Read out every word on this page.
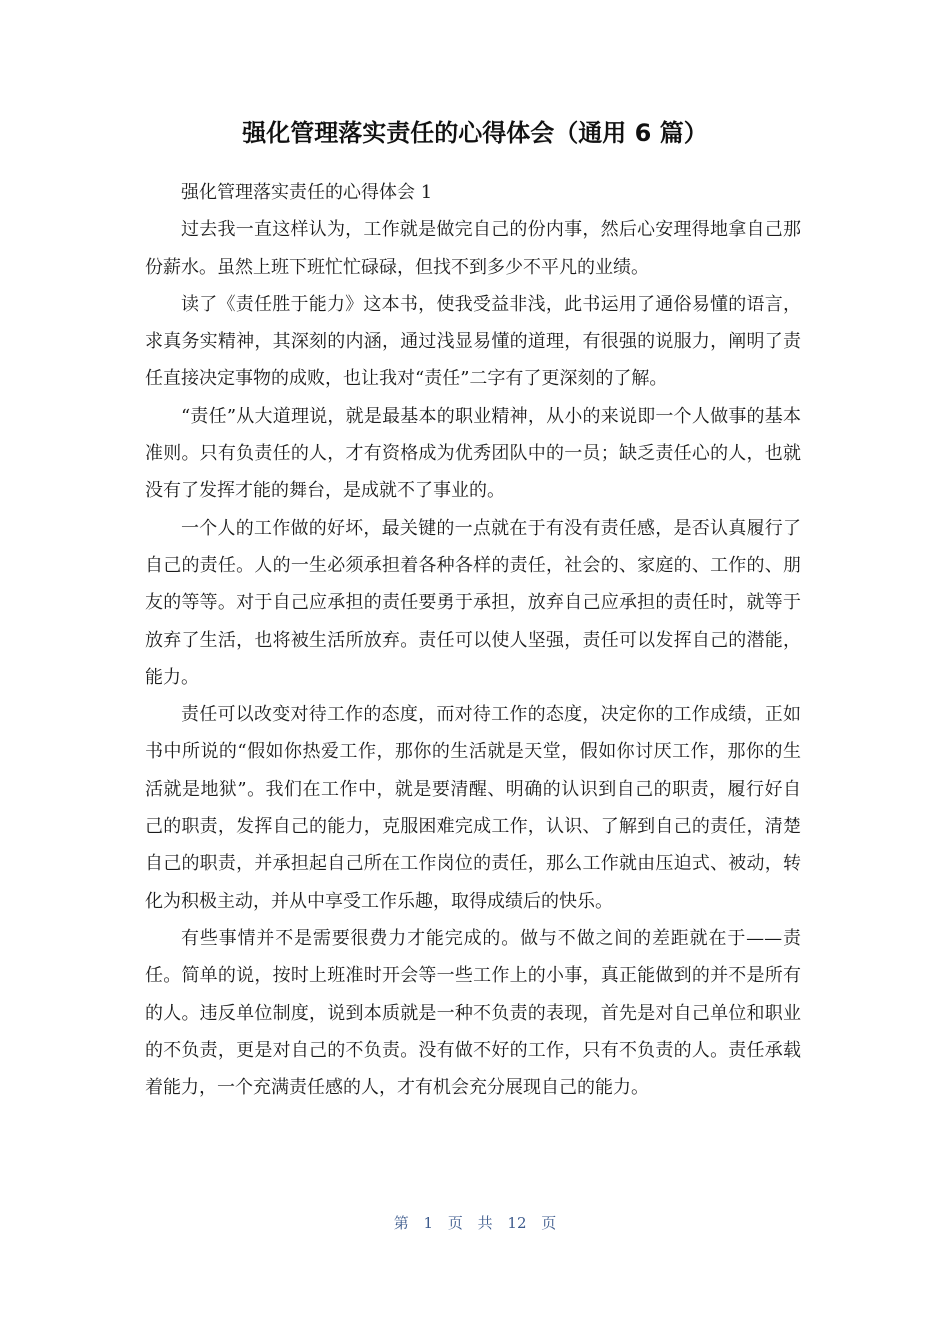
强化管理落实责任的心得体会（通用 6 篇）

强化管理落实责任的心得体会 1

过去我一直这样认为，工作就是做完自己的份内事，然后心安理得地拿自己那份薪水。虽然上班下班忙忙碌碌，但找不到多少不平凡的业绩。

读了《责任胜于能力》这本书，使我受益非浅，此书运用了通俗易懂的语言，求真务实精神，其深刻的内涵，通过浅显易懂的道理，有很强的说服力，阐明了责任直接决定事物的成败，也让我对“责任”二字有了更深刻的了解。

“责任”从大道理说，就是最基本的职业精神，从小的来说即一个人做事的基本准则。只有负责任的人，才有资格成为优秀团队中的一员；缺乏责任心的人，也就没有了发挥才能的舞台，是成就不了事业的。

一个人的工作做的好坏，最关键的一点就在于有没有责任感，是否认真履行了自己的责任。人的一生必须承担着各种各样的责任，社会的、家庭的、工作的、朋友的等等。对于自己应承担的责任要勇于承担，放弃自己应承担的责任时，就等于放弃了生活，也将被生活所放弃。责任可以使人坚强，责任可以发挥自己的潜能，能力。

责任可以改变对待工作的态度，而对待工作的态度，决定你的工作成绩，正如书中所说的“假如你热爱工作，那你的生活就是天堂，假如你讨厌工作，那你的生活就是地狱”。我们在工作中，就是要清醒、明确的认识到自己的职责，履行好自己的职责，发挥自己的能力，克服困难完成工作，认识、了解到自己的责任，清楚自己的职责，并承担起自己所在工作岗位的责任，那么工作就由压迫式、被动，转化为积极主动，并从中享受工作乐趣，取得成绩后的快乐。

有些事情并不是需要很费力才能完成的。做与不做之间的差距就在于——责任。简单的说，按时上班准时开会等一些工作上的小事，真正能做到的并不是所有的人。违反单位制度，说到本质就是一种不负责的表现，首先是对自己单位和职业的不负责，更是对自己的不负责。没有做不好的工作，只有不负责的人。责任承载着能力，一个充满责任感的人，才有机会充分展现自己的能力。

第 1 页 共 12 页
